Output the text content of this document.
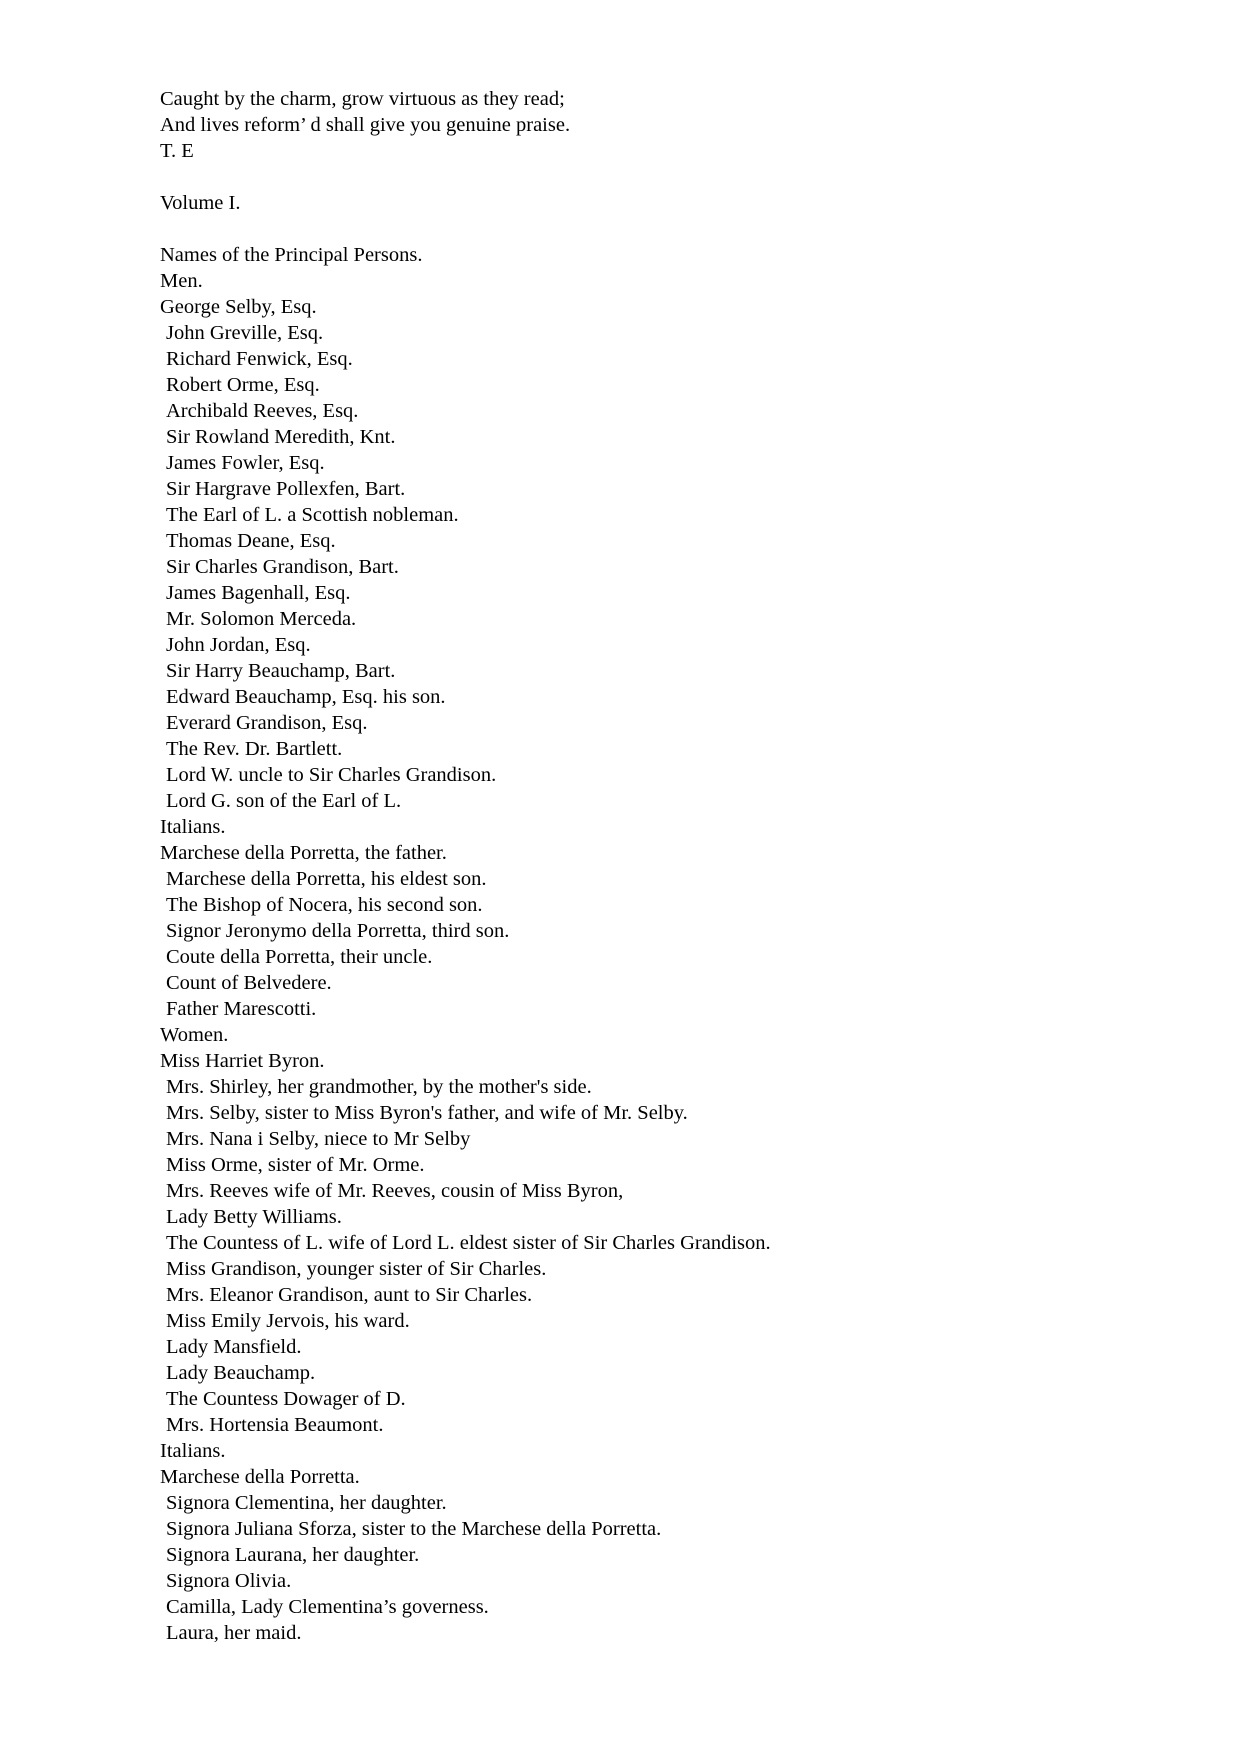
Caught by the charm, grow virtuous as they read;
And lives reform’ d shall give you genuine praise.
T. E
Volume I.
Names of the Principal Persons.
Men.
George Selby, Esq.
John Greville, Esq.
Richard Fenwick, Esq.
Robert Orme, Esq.
Archibald Reeves, Esq.
Sir Rowland Meredith, Knt.
James Fowler, Esq.
Sir Hargrave Pollexfen, Bart.
The Earl of L. a Scottish nobleman.
Thomas Deane, Esq.
Sir Charles Grandison, Bart.
James Bagenhall, Esq.
Mr. Solomon Merceda.
John Jordan, Esq.
Sir Harry Beauchamp, Bart.
Edward Beauchamp, Esq. his son.
Everard Grandison, Esq.
The Rev. Dr. Bartlett.
Lord W. uncle to Sir Charles Grandison.
Lord G. son of the Earl of L.
Italians.
Marchese della Porretta, the father.
Marchese della Porretta, his eldest son.
The Bishop of Nocera, his second son.
Signor Jeronymo della Porretta, third son.
Coute della Porretta, their uncle.
Count of Belvedere.
Father Marescotti.
Women.
Miss Harriet Byron.
Mrs. Shirley, her grandmother, by the mother's side.
Mrs. Selby, sister to Miss Byron's father, and wife of Mr. Selby.
Mrs. Nana i Selby, niece to Mr Selby
Miss Orme, sister of Mr. Orme.
Mrs. Reeves wife of Mr. Reeves, cousin of Miss Byron,
Lady Betty Williams.
The Countess of L. wife of Lord L. eldest sister of Sir Charles Grandison.
Miss Grandison, younger sister of Sir Charles.
Mrs. Eleanor Grandison, aunt to Sir Charles.
Miss Emily Jervois, his ward.
Lady Mansfield.
Lady Beauchamp.
The Countess Dowager of D.
Mrs. Hortensia Beaumont.
Italians.
Marchese della Porretta.
Signora Clementina, her daughter.
Signora Juliana Sforza, sister to the Marchese della Porretta.
Signora Laurana, her daughter.
Signora Olivia.
Camilla, Lady Clementina’s governess.
Laura, her maid.
